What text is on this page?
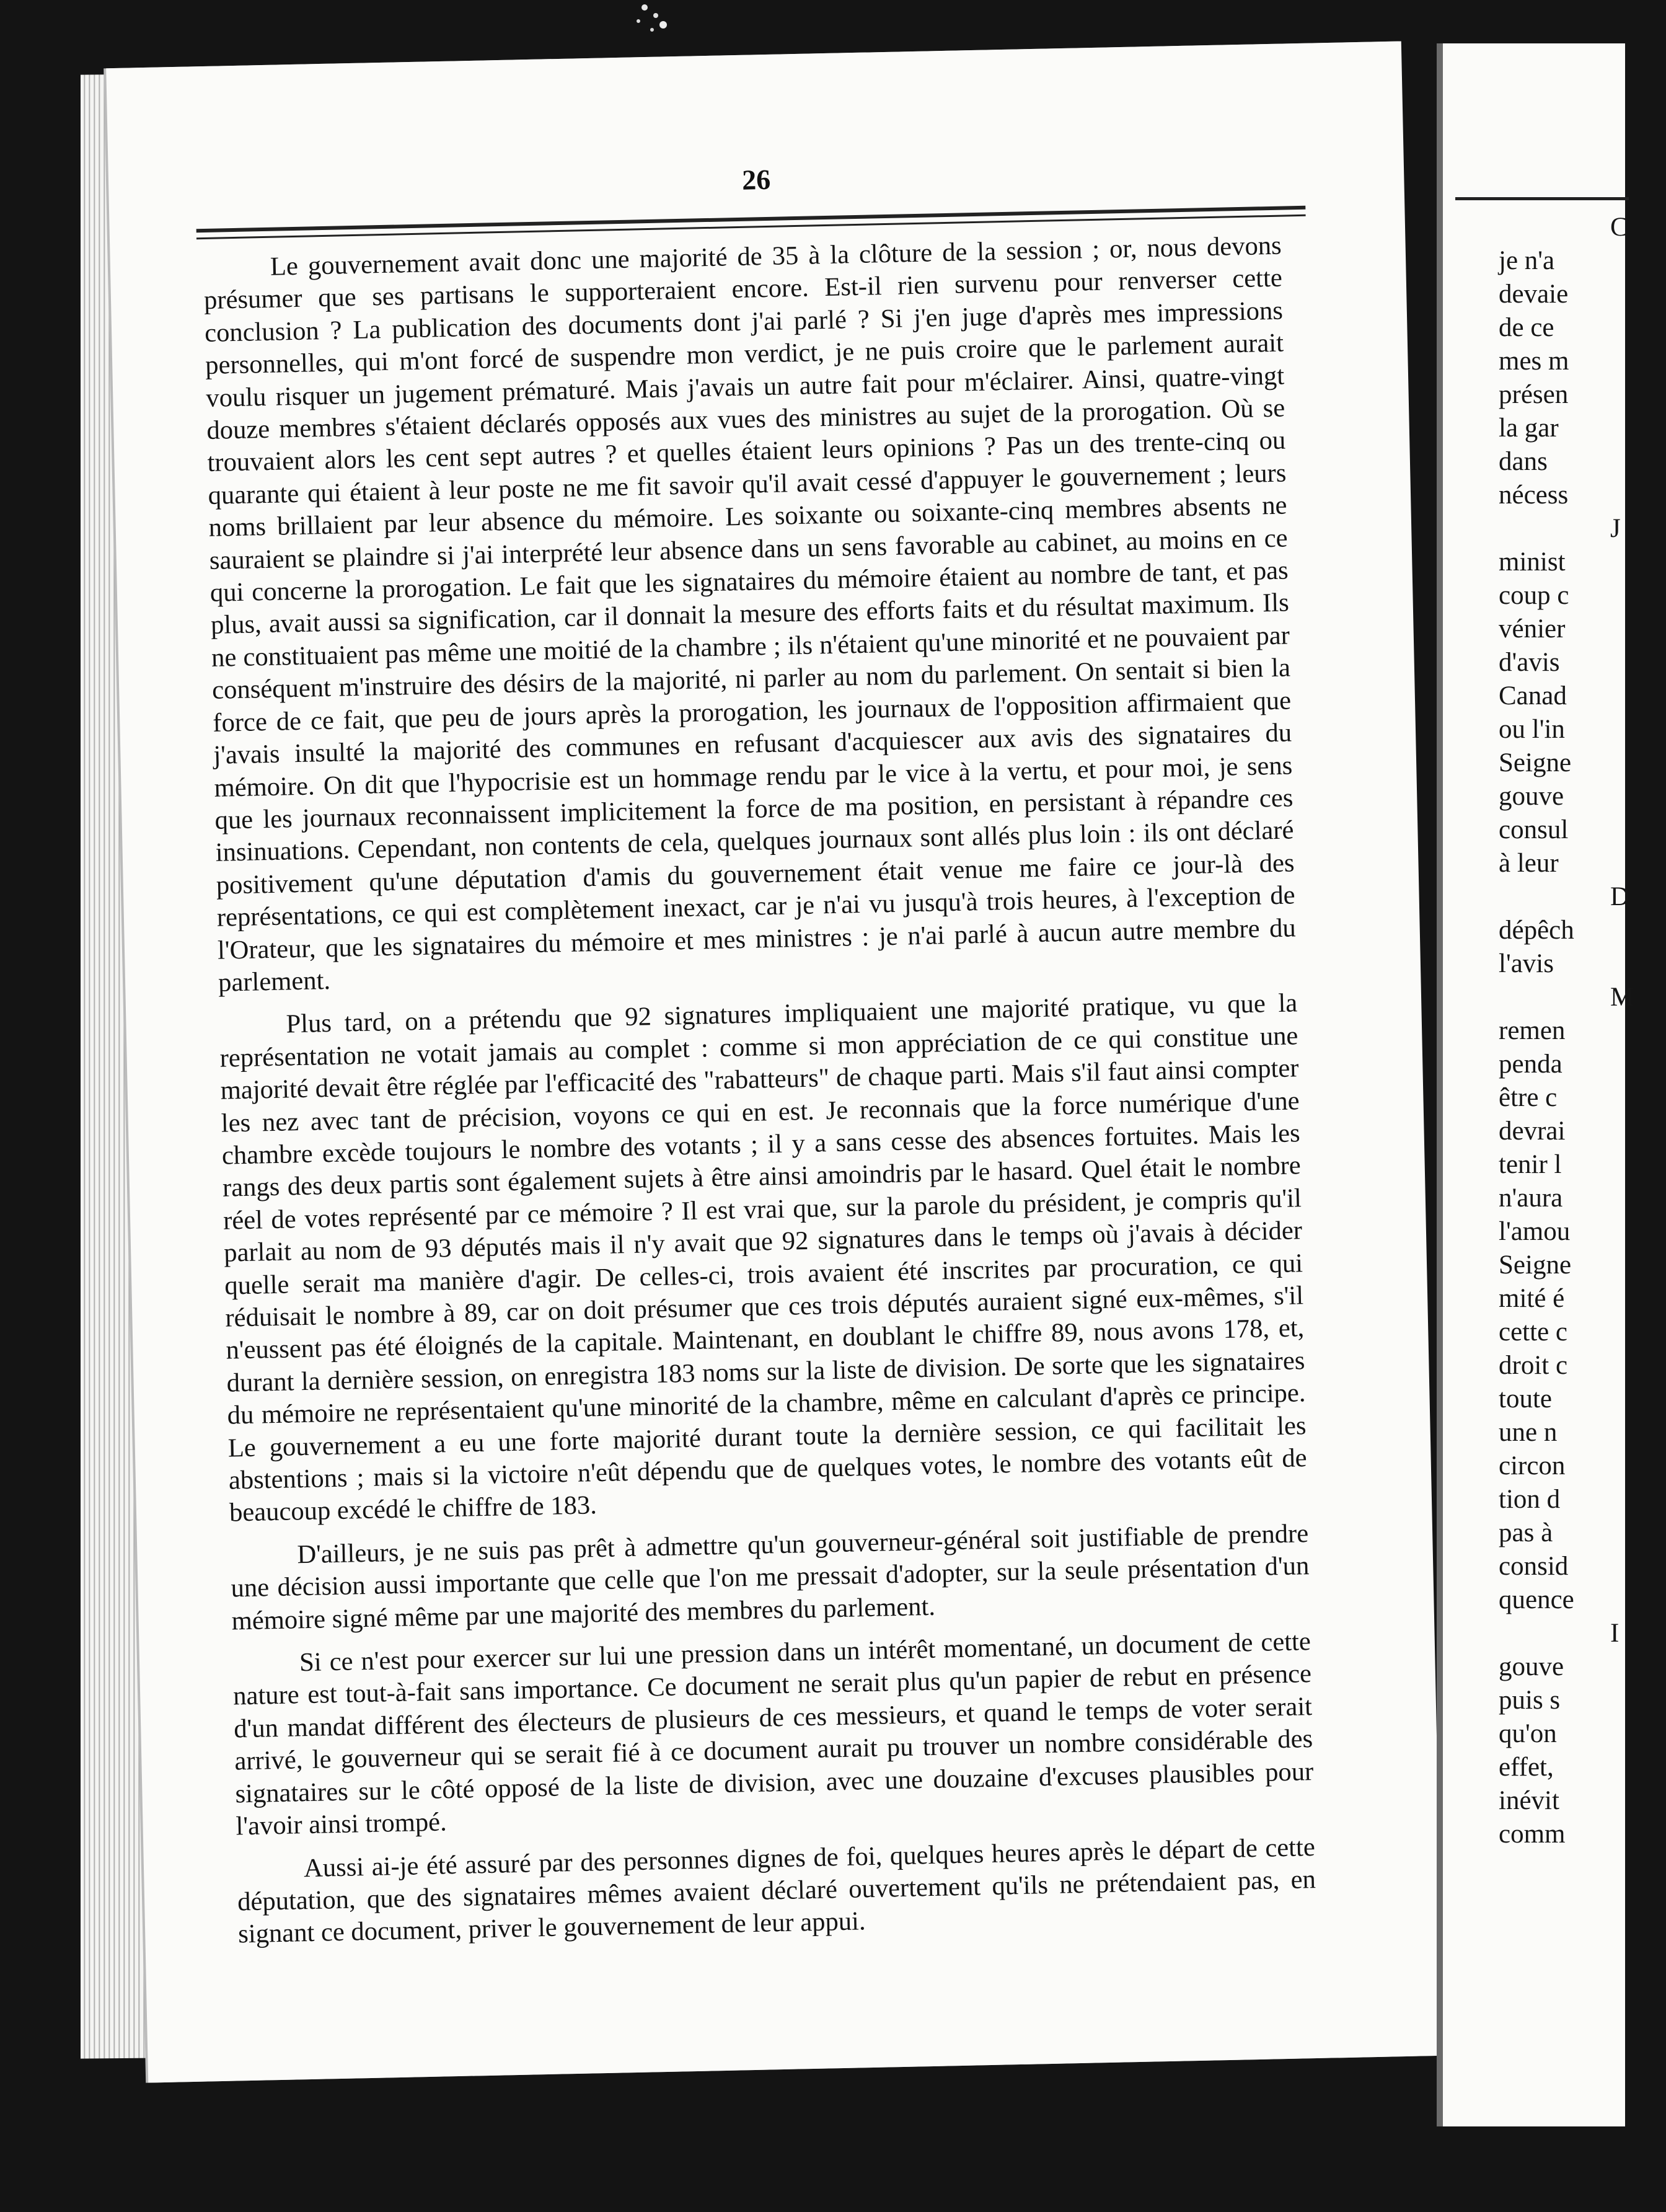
26

Le gouvernement avait donc une majorité de 35 à la clôture de la session ; or, nous devons présumer que ses partisans le supporteraient encore. Est-il rien survenu pour renverser cette conclusion ? La publication des documents dont j'ai parlé ? Si j'en juge d'après mes impressions personnelles, qui m'ont forcé de suspendre mon verdict, je ne puis croire que le parlement aurait voulu risquer un jugement prématuré. Mais j'avais un autre fait pour m'éclairer. Ainsi, quatre-vingt douze membres s'étaient déclarés opposés aux vues des ministres au sujet de la prorogation. Où se trouvaient alors les cent sept autres ? et quelles étaient leurs opinions ? Pas un des trente-cinq ou quarante qui étaient à leur poste ne me fit savoir qu'il avait cessé d'appuyer le gouvernement ; leurs noms brillaient par leur absence du mémoire. Les soixante ou soixante-cinq membres absents ne sauraient se plaindre si j'ai interprété leur absence dans un sens favorable au cabinet, au moins en ce qui concerne la prorogation. Le fait que les signataires du mémoire étaient au nombre de tant, et pas plus, avait aussi sa signification, car il donnait la mesure des efforts faits et du résultat maximum. Ils ne constituaient pas même une moitié de la chambre ; ils n'étaient qu'une minorité et ne pouvaient par conséquent m'instruire des désirs de la majorité, ni parler au nom du parlement. On sentait si bien la force de ce fait, que peu de jours après la prorogation, les journaux de l'opposition affirmaient que j'avais insulté la majorité des communes en refusant d'acquiescer aux avis des signataires du mémoire. On dit que l'hypocrisie est un hommage rendu par le vice à la vertu, et pour moi, je sens que les journaux reconnaissent implicitement la force de ma position, en persistant à répandre ces insinuations. Cependant, non contents de cela, quelques journaux sont allés plus loin : ils ont déclaré positivement qu'une députation d'amis du gouvernement était venue me faire ce jour-là des représentations, ce qui est complètement inexact, car je n'ai vu jusqu'à trois heures, à l'exception de l'Orateur, que les signataires du mémoire et mes ministres : je n'ai parlé à aucun autre membre du parlement.

Plus tard, on a prétendu que 92 signatures impliquaient une majorité pratique, vu que la représentation ne votait jamais au complet : comme si mon appréciation de ce qui constitue une majorité devait être réglée par l'efficacité des "rabatteurs" de chaque parti. Mais s'il faut ainsi compter les nez avec tant de précision, voyons ce qui en est. Je reconnais que la force numérique d'une chambre excède toujours le nombre des votants ; il y a sans cesse des absences fortuites. Mais les rangs des deux partis sont également sujets à être ainsi amoindris par le hasard. Quel était le nombre réel de votes représenté par ce mémoire ? Il est vrai que, sur la parole du président, je compris qu'il parlait au nom de 93 députés mais il n'y avait que 92 signatures dans le temps où j'avais à décider quelle serait ma manière d'agir. De celles-ci, trois avaient été inscrites par procuration, ce qui réduisait le nombre à 89, car on doit présumer que ces trois députés auraient signé eux-mêmes, s'il n'eussent pas été éloignés de la capitale. Maintenant, en doublant le chiffre 89, nous avons 178, et, durant la dernière session, on enregistra 183 noms sur la liste de division. De sorte que les signataires du mémoire ne représentaient qu'une minorité de la chambre, même en calculant d'après ce principe. Le gouvernement a eu une forte majorité durant toute la dernière session, ce qui facilitait les abstentions ; mais si la victoire n'eût dépendu que de quelques votes, le nombre des votants eût de beaucoup excédé le chiffre de 183.

D'ailleurs, je ne suis pas prêt à admettre qu'un gouverneur-général soit justifiable de prendre une décision aussi importante que celle que l'on me pressait d'adopter, sur la seule présentation d'un mémoire signé même par une majorité des membres du parlement.

Si ce n'est pour exercer sur lui une pression dans un intérêt momentané, un document de cette nature est tout-à-fait sans importance. Ce document ne serait plus qu'un papier de rebut en présence d'un mandat différent des électeurs de plusieurs de ces messieurs, et quand le temps de voter serait arrivé, le gouverneur qui se serait fié à ce document aurait pu trouver un nombre considérable des signataires sur le côté opposé de la liste de division, avec une douzaine d'excuses plausibles pour l'avoir ainsi trompé.

Aussi ai-je été assuré par des personnes dignes de foi, quelques heures après le départ de cette députation, que des signataires mêmes avaient déclaré ouvertement qu'ils ne prétendaient pas, en signant ce document, priver le gouvernement de leur appui.

C
je n'a
devaie
de ce
mes m
présen
la gar
dans
nécess
J
minist
coup c
vénier
d'avis
Canad
ou l'in
Seigne
gouve
consul
à leur
D
dépêch
l'avis
M
remen
penda
être c
devrai
tenir l
n'aura
l'amou
Seigne
mité é
cette c
droit c
toute
une n
circon
tion d
pas à
consid
quence
I
gouve
puis s
qu'on
effet,
inévit
comm
